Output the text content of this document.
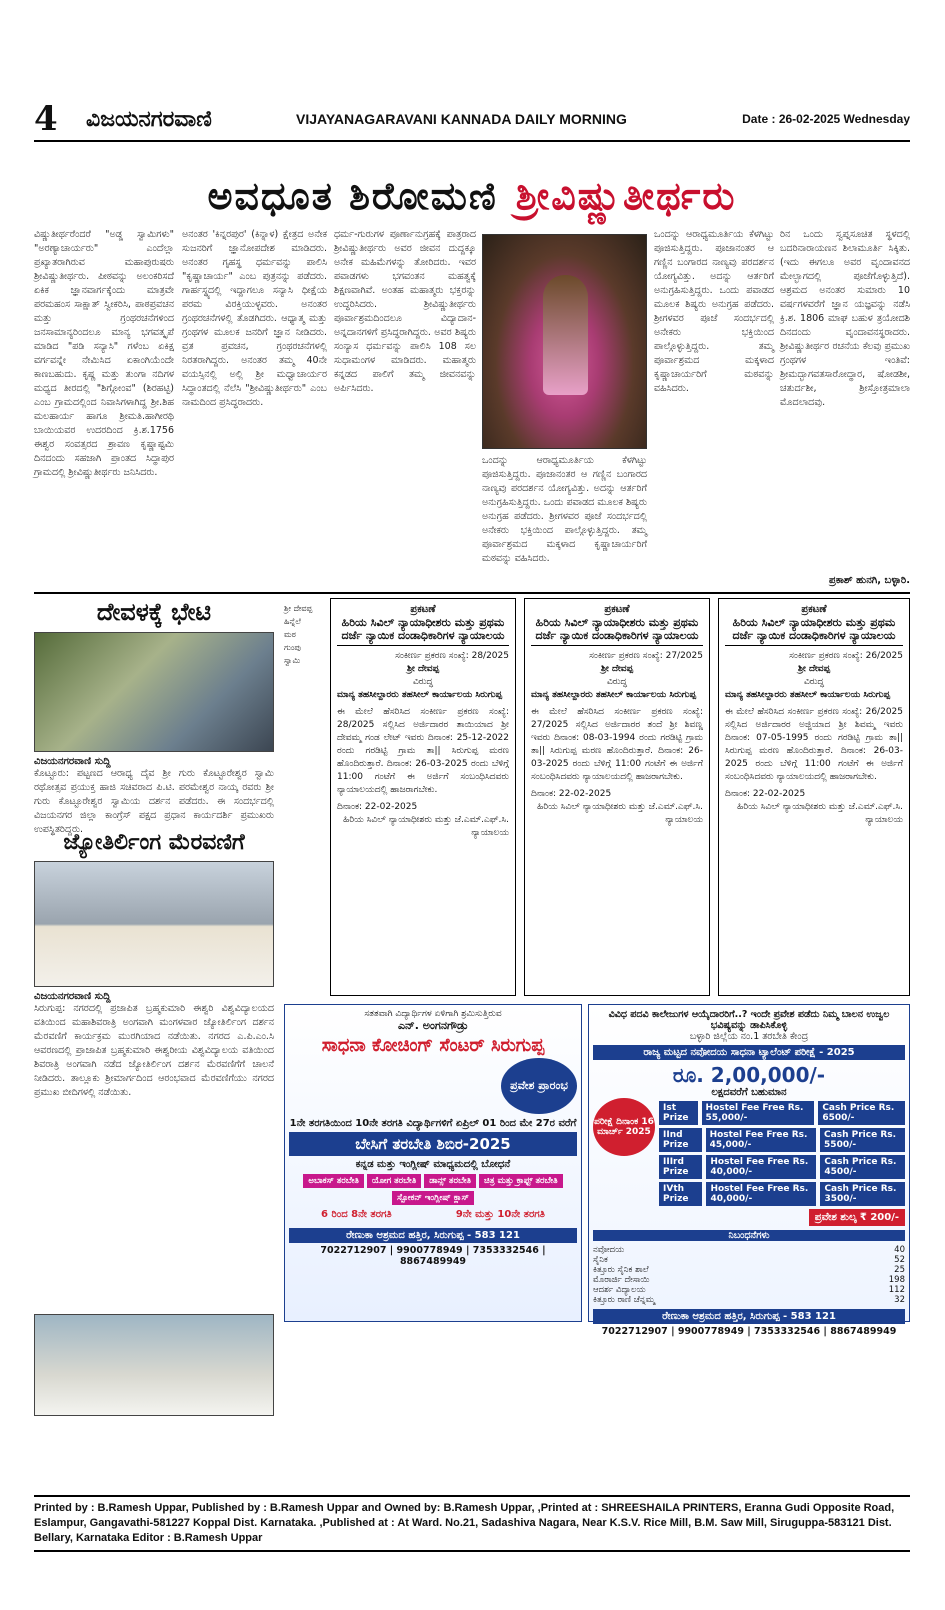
4	ವಿಜಯನಗರವಾಣಿ	VIJAYANAGARAVANI KANNADA DAILY MORNING	Date : 26-02-2025 Wednesday
ಅವಧೂತ ಶಿರೋಮಣಿ ಶ್ರೀವಿಷ್ಣುತೀರ್ಥರು
ವಿಷ್ಣುತೀರ್ಥರೆಂದರೆ "ಅಡ್ಡ ಸ್ವಾಮಿಗಳು" "ಅರಣ್ಯಾಚಾರ್ಯರು" ಎಂದೆಲ್ಲಾ ಪ್ರಖ್ಯಾತರಾಗಿರುವ ಮಹಾಪುರುಷರು ಶ್ರೀವಿಷ್ಣುತೀರ್ಥರು. ಪೀಠವನ್ನು ಅಲಂಕರಿಸದೆ ಏಕಿಕ ಜ್ಞಾನವಾರ್ಗಕ್ಕೆಂದು ಮಾತ್ರವೇ ಪರಮಹಂಸ ಸಾಕ್ಷಾತ್ ಸ್ವೀಕರಿಸಿ, ಪಾಠಪ್ರವಚನ ಮತ್ತು ಗ್ರಂಥರಚನೆಗಳಿಂದ ಜನಸಾಮಾನ್ಯರಿಂದಲೂ ಮಾನ್ಯ ಭಗವತ್ಕೃಪೆ ಮಾಡಿದ "ಪಡಿ ಸನ್ಯಾಸಿ" ಗಳೆಂಬ ಏಕಿಕ್ಷ ವರ್ಗವನ್ನೇ ನೇಮಿಸಿದ ಏಕಾಂಗಿಯೆಂದೇ ಕಾಣಬಹುದು. ಕೃಷ್ಣ ಮತ್ತು ತುಂಗಾ ನದಿಗಳ ಮಧ್ಯದ ತೀರದಲ್ಲಿ "ಶಿಗ್ಗೋಂವ" (ಶಿರಹಟ್ಟಿ) ಎಂಬ ಗ್ರಾಮದಲ್ಲಿಂದ ನಿವಾಸಿಗಳಾಗಿದ್ದ ಶ್ರೀ.ಶಿಹ ಮಲಹಾರ್ಯ ಹಾಗೂ ಶ್ರೀಮತಿ.ಹಾಗೀರಥಿ ಬಾಯಿಯವರ ಉದರದಿಂದ ಕ್ರಿ.ಶ.1756 ಈಶ್ವರ ಸಂವತ್ಸರದ ಶ್ರಾವಣ ಕೃಷ್ಣಾಷ್ಟಮಿ ದಿನದಂದು ಸಹಜಾಗಿ ಪ್ರಾಂತದ ಸಿದ್ಧಾಪುರ ಗ್ರಾಮದಲ್ಲಿ ಶ್ರೀವಿಷ್ಣುತೀರ್ಥರು ಜನಿಸಿದರು.
ಅನಂತರ 'ಕಿನ್ನರಪುರ' (ಕಿನ್ನಾಳ) ಕ್ಷೇತ್ರದ ಅನೇಕ ಸುಜನರಿಗೆ ಜ್ಞಾನೋಪದೇಶ ಮಾಡಿದರು. ಅನಂತರ ಗೃಹಸ್ಥ ಧರ್ಮವನ್ನು ಪಾಲಿಸಿ "ಕೃಷ್ಣಾಚಾರ್ಯ" ಎಂಬ ಪುತ್ರನನ್ನು ಪಡೆದರು. ಗಾರ್ಹಸ್ಥ್ಯದಲ್ಲಿ ಇದ್ದಾಗಲೂ ಸನ್ಯಾಸಿ ಧೀಕ್ಷೆಯ ಪರಮ ವಿರಕ್ತಿಯುಳ್ಳವರು. ಅನಂತರ ಗ್ರಂಥರಚನೆಗಳಲ್ಲಿ ತೊಡಗಿದರು. ಆಧ್ಯಾತ್ಮ ಮತ್ತು ಗ್ರಂಥಗಳ ಮೂಲಕ ಜನರಿಗೆ ಜ್ಞಾನ ನೀಡಿದರು. ವ್ರತ ಪ್ರವಚನ, ಗ್ರಂಥರಚನೆಗಳಲ್ಲಿ ನಿರತರಾಗಿದ್ದರು. ಅನಂತರ ತಮ್ಮ 40ನೇ ವಯಸ್ಸಿನಲ್ಲಿ ಅಲ್ಲಿ ಶ್ರೀ ಮಧ್ವಾಚಾರ್ಯರ ಸಿದ್ಧಾಂತದಲ್ಲಿ ನೆಲೆಸಿ "ಶ್ರೀವಿಷ್ಣುತೀರ್ಥರು" ಎಂಬ ನಾಮದಿಂದ ಪ್ರಸಿದ್ಧರಾದರು.
ಧರ್ಮ-ಗುರುಗಳ ಪೂರ್ಣಾನುಗ್ರಹಕ್ಕೆ ಪಾತ್ರರಾದ ಶ್ರೀವಿಷ್ಣುತೀರ್ಥರು ಅವರ ಜೀವನ ದುದ್ದಕ್ಕೂ ಅನೇಕ ಮಹಿಮೆಗಳನ್ನು ತೋರಿದರು. ಇವರ ಪವಾಡಗಳು ಭಗವಂತನ ಮಹತ್ವಕ್ಕೆ ಶಿಕ್ಷಣವಾಗಿವೆ. ಅಂತಹ ಮಹಾತ್ಮರು ಭಕ್ತರನ್ನು ಉದ್ಧರಿಸಿದರು. ಶ್ರೀವಿಷ್ಣುತೀರ್ಥರು ಪೂರ್ವಾಶ್ರಮದಿಂದಲೂ ವಿದ್ಯಾದಾನ-ಅನ್ನದಾನಗಳಿಗೆ ಪ್ರಸಿದ್ಧರಾಗಿದ್ದರು. ಅವರ ಶಿಷ್ಯರು ಸಂನ್ಯಾಸ ಧರ್ಮವನ್ನು ಪಾಲಿಸಿ 108 ಸಲ ಸುಧಾಮಂಗಳ ಮಾಡಿದರು. ಮಹಾತ್ಮರು ಕನ್ನಡದ ಪಾಲಿಗೆ ತಮ್ಮ ಜೀವನವನ್ನು ಅರ್ಪಿಸಿದರು.
ಒಂದನ್ನು ಆರಾಧ್ಯಮೂರ್ತಿಯ ಕೆಳಗಿಟ್ಟು ಪೂಜಿಸುತ್ತಿದ್ದರು. ಪೂಜಾನಂತರ ಆ ಗಣ್ಣಿನ ಬಂಗಾರದ ನಾಣ್ಯವು ಪರದರ್ಶನ ಯೋಗ್ಯವಿತ್ತು. ಅದನ್ನು ಆರ್ತರಿಗೆ ಅನುಗ್ರಹಿಸುತ್ತಿದ್ದರು. ಒಂದು ಪವಾಡದ ಮೂಲಕ ಶಿಷ್ಯರು ಅನುಗ್ರಹ ಪಡೆದರು. ಶ್ರೀಗಳವರ ಪೂಜೆ ಸಂದರ್ಭದಲ್ಲಿ ಅನೇಕರು ಭಕ್ತಿಯಿಂದ ಪಾಲ್ಗೊಳ್ಳುತ್ತಿದ್ದರು. ತಮ್ಮ ಪೂರ್ವಾಶ್ರಮದ ಮಕ್ಕಳಾದ ಕೃಷ್ಣಾಚಾರ್ಯರಿಗೆ ಮಠವನ್ನು ವಹಿಸಿದರು.
ಒಂದನ್ನು ಆರಾಧ್ಯಮೂರ್ತಿಯ ಕೆಳಗಿಟ್ಟು ಪೂಜಿಸುತ್ತಿದ್ದರು. ಪೂಜಾನಂತರ ಆ ಗಣ್ಣಿನ ಬಂಗಾರದ ನಾಣ್ಯವು ಪರದರ್ಶನ ಯೋಗ್ಯವಿತ್ತು. ಅದನ್ನು ಆರ್ತರಿಗೆ ಅನುಗ್ರಹಿಸುತ್ತಿದ್ದರು. ಒಂದು ಪವಾಡದ ಮೂಲಕ ಶಿಷ್ಯರು ಅನುಗ್ರಹ ಪಡೆದರು. ಶ್ರೀಗಳವರ ಪೂಜೆ ಸಂದರ್ಭದಲ್ಲಿ ಅನೇಕರು ಭಕ್ತಿಯಿಂದ ಪಾಲ್ಗೊಳ್ಳುತ್ತಿದ್ದರು. ತಮ್ಮ ಪೂರ್ವಾಶ್ರಮದ ಮಕ್ಕಳಾದ ಕೃಷ್ಣಾಚಾರ್ಯರಿಗೆ ಮಠವನ್ನು ವಹಿಸಿದರು.
ರಿನ ಒಂದು ಸ್ವಪ್ನಸೂಚಿತ ಸ್ಥಳದಲ್ಲಿ ಬದರಿನಾರಾಯಣನ ಶಿಲಾಮೂರ್ತಿ ಸಿಕ್ಕಿತು. (ಇದು ಈಗಲೂ ಅವರ ವೃಂದಾವನದ ಮೇಲ್ಭಾಗದಲ್ಲಿ ಪೂಜೆಗೊಳ್ಳುತ್ತಿದೆ). ಆಶ್ರಮದ ಅನಂತರ ಸುಮಾರು 10 ವರ್ಷಗಳವರೆಗೆ ಜ್ಞಾನ ಯಜ್ಞವನ್ನು ನಡೆಸಿ ಕ್ರಿ.ಶ. 1806 ಮಾಘ ಬಹುಳ ತ್ರಯೋದಶಿ ದಿನದಂದು ವೃಂದಾವನಸ್ಥರಾದರು. ಶ್ರೀವಿಷ್ಣುತೀರ್ಥರ ರಚನೆಯ ಕೆಲವು ಪ್ರಮುಖ ಗ್ರಂಥಗಳ ಇಂತಿವೆ: ಶ್ರೀಮದ್ಭಾಗವತಸಾರೋದ್ಧಾರ, ಷೋಡಶೀ, ಚತುರ್ದಶೀ, ಶ್ರೀಸ್ತೋತ್ರಮಾಲಾ ಮೊದಲಾದವು.
ಪ್ರಕಾಶ್ ಹುನಗಿ, ಬಳ್ಳಾರಿ.
ದೇವಳಕ್ಕೆ ಭೇಟಿ
ವಿಜಯನಗರವಾಣಿ ಸುದ್ದಿ
ಕೊಟ್ಟೂರು: ಪಟ್ಟಣದ ಆರಾಧ್ಯ ದೈವ ಶ್ರೀ ಗುರು ಕೊಟ್ಟೂರೇಶ್ವರ ಸ್ವಾಮಿ ರಥೋತ್ಸವ ಪ್ರಯುಕ್ತ ಹಾಜಿ ಸಚಿವರಾದ ಪಿ.ಟಿ. ಪರಮೇಶ್ವರ ನಾಯ್ಕ ರವರು ಶ್ರೀ ಗುರು ಕೊಟ್ಟೂರೇಶ್ವರ ಸ್ವಾಮಿಯ ದರ್ಶನ ಪಡೆದರು. ಈ ಸಂದರ್ಭದಲ್ಲಿ ವಿಜಯನಗರ ಜಿಲ್ಲಾ ಕಾಂಗ್ರೆಸ್ ಪಕ್ಷದ ಪ್ರಧಾನ ಕಾರ್ಯದರ್ಶಿ ಪ್ರಮುಖರು ಉಪಸ್ಥಿತರಿದ್ದರು.
ಜ್ಯೋತಿರ್ಲಿಂಗ ಮೆರವಣಿಗೆ
ವಿಜಯನಗರವಾಣಿ ಸುದ್ದಿ
ಸಿರುಗುಪ್ಪ: ನಗರದಲ್ಲಿ ಪ್ರಜಾಪಿತ ಬ್ರಹ್ಮಕುಮಾರಿ ಈಶ್ವರಿ ವಿಶ್ವವಿದ್ಯಾಲಯದ ವತಿಯಿಂದ ಮಹಾಶಿವರಾತ್ರಿ ಅಂಗವಾಗಿ ಮಂಗಳವಾರ ಜ್ಯೋತಿರ್ಲಿಂಗ ದರ್ಶನ ಮೆರವಣಿಗೆ ಕಾರ್ಯಕ್ರಮ ಮುರಗಿಯಾದ ನಡೆಯಿತು. ನಗರದ ಎ.ಪಿ.ಎಂ.ಸಿ ಆವರಣದಲ್ಲಿ ಪ್ರಾಜಾಪಿತ ಬ್ರಹ್ಮಕುಮಾರಿ ಈಶ್ವರೀಯ ವಿಶ್ವವಿದ್ಯಾಲಯ ವತಿಯಿಂದ ಶಿವರಾತ್ರಿ ಅಂಗವಾಗಿ ನಡೆದ ಜ್ಯೋತಿರ್ಲಿಂಗ ದರ್ಶನ ಮೆರವಣಿಗೆಗೆ ಚಾಲನೆ ನೀಡಿದರು. ತಾಲ್ಲೂಕು ಶ್ರೀಮಾರ್ಗದಿಂದ ಆರಂಭವಾದ ಮೆರವಣಿಗೆಯು ನಗರದ ಪ್ರಮುಖ ಬೀದಿಗಳಲ್ಲಿ ನಡೆಯಿತು.
ಶ್ರೀ ದೇವಪ್ಪ
ಹಿನ್ನೆಲೆ
ಮಠ
ಗುಂಪು
ಸ್ವಾಮಿ
ಪ್ರಕಟಣೆ
ಹಿರಿಯ ಸಿವಿಲ್ ನ್ಯಾಯಾಧೀಶರು ಮತ್ತು ಪ್ರಥಮ ದರ್ಜೆ ನ್ಯಾಯಿಕ ದಂಡಾಧಿಕಾರಿಗಳ ನ್ಯಾಯಾಲಯ
ಸಂಕೀರ್ಣ ಪ್ರಕರಣ ಸಂಖ್ಯೆ: 28/2025
ಶ್ರೀ ದೇವಪ್ಪ
ವಿರುದ್ಧ
ಮಾನ್ಯ ತಹಸೀಲ್ದಾರರು ತಹಸೀಲ್ ಕಾರ್ಯಾಲಯ ಸಿರುಗುಪ್ಪ
ಈ ಮೇಲೆ ಹೆಸರಿಸಿದ ಸಂಕೀರ್ಣ ಪ್ರಕರಣ ಸಂಖ್ಯೆ: 28/2025 ಸಲ್ಲಿಸಿದ ಅರ್ಜಿದಾರರ ತಾಯಿಯಾದ ಶ್ರೀ ದೇವಮ್ಮ ಗಂಡ ಲೇಟ್ ಇವರು ದಿನಾಂಕ: 25-12-2022 ರಂದು ಗರಡಿಟ್ಟಿ ಗ್ರಾಮ ತಾ|| ಸಿರುಗುಪ್ಪ ಮರಣ ಹೊಂದಿರುತ್ತಾರೆ. ದಿನಾಂಕ: 26-03-2025 ರಂದು ಬೆಳಿಗ್ಗೆ 11:00 ಗಂಟೆಗೆ ಈ ಅರ್ಜಿಗೆ ಸಂಬಂಧಿಸಿದವರು ನ್ಯಾಯಾಲಯದಲ್ಲಿ ಹಾಜರಾಗಬೇಕು.
ದಿನಾಂಕ: 22-02-2025
ಹಿರಿಯ ಸಿವಿಲ್ ನ್ಯಾಯಾಧೀಶರು ಮತ್ತು ಜೆ.ಎಮ್.ಎಫ್.ಸಿ. ನ್ಯಾಯಾಲಯ
ಪ್ರಕಟಣೆ
ಹಿರಿಯ ಸಿವಿಲ್ ನ್ಯಾಯಾಧೀಶರು ಮತ್ತು ಪ್ರಥಮ ದರ್ಜೆ ನ್ಯಾಯಿಕ ದಂಡಾಧಿಕಾರಿಗಳ ನ್ಯಾಯಾಲಯ
ಸಂಕೀರ್ಣ ಪ್ರಕರಣ ಸಂಖ್ಯೆ: 27/2025
ಶ್ರೀ ದೇವಪ್ಪ
ವಿರುದ್ಧ
ಮಾನ್ಯ ತಹಸೀಲ್ದಾರರು ತಹಸೀಲ್ ಕಾರ್ಯಾಲಯ ಸಿರುಗುಪ್ಪ
ಈ ಮೇಲೆ ಹೆಸರಿಸಿದ ಸಂಕೀರ್ಣ ಪ್ರಕರಣ ಸಂಖ್ಯೆ: 27/2025 ಸಲ್ಲಿಸಿದ ಅರ್ಜಿದಾರರ ತಂದೆ ಶ್ರೀ ಶಿವಣ್ಣ ಇವರು ದಿನಾಂಕ: 08-03-1994 ರಂದು ಗರಡಿಟ್ಟಿ ಗ್ರಾಮ ತಾ|| ಸಿರುಗುಪ್ಪ ಮರಣ ಹೊಂದಿರುತ್ತಾರೆ. ದಿನಾಂಕ: 26-03-2025 ರಂದು ಬೆಳಿಗ್ಗೆ 11:00 ಗಂಟೆಗೆ ಈ ಅರ್ಜಿಗೆ ಸಂಬಂಧಿಸಿದವರು ನ್ಯಾಯಾಲಯದಲ್ಲಿ ಹಾಜರಾಗಬೇಕು.
ದಿನಾಂಕ: 22-02-2025
ಹಿರಿಯ ಸಿವಿಲ್ ನ್ಯಾಯಾಧೀಶರು ಮತ್ತು ಜೆ.ಎಮ್.ಎಫ್.ಸಿ. ನ್ಯಾಯಾಲಯ
ಪ್ರಕಟಣೆ
ಹಿರಿಯ ಸಿವಿಲ್ ನ್ಯಾಯಾಧೀಶರು ಮತ್ತು ಪ್ರಥಮ ದರ್ಜೆ ನ್ಯಾಯಿಕ ದಂಡಾಧಿಕಾರಿಗಳ ನ್ಯಾಯಾಲಯ
ಸಂಕೀರ್ಣ ಪ್ರಕರಣ ಸಂಖ್ಯೆ: 26/2025
ಶ್ರೀ ದೇವಪ್ಪ
ವಿರುದ್ಧ
ಮಾನ್ಯ ತಹಸೀಲ್ದಾರರು ತಹಸೀಲ್ ಕಾರ್ಯಾಲಯ ಸಿರುಗುಪ್ಪ
ಈ ಮೇಲೆ ಹೆಸರಿಸಿದ ಸಂಕೀರ್ಣ ಪ್ರಕರಣ ಸಂಖ್ಯೆ: 26/2025 ಸಲ್ಲಿಸಿದ ಅರ್ಜಿದಾರರ ಅಜ್ಜಿಯಾದ ಶ್ರೀ ಶಿವಮ್ಮ ಇವರು ದಿನಾಂಕ: 07-05-1995 ರಂದು ಗರಡಿಟ್ಟಿ ಗ್ರಾಮ ತಾ|| ಸಿರುಗುಪ್ಪ ಮರಣ ಹೊಂದಿರುತ್ತಾರೆ. ದಿನಾಂಕ: 26-03-2025 ರಂದು ಬೆಳಿಗ್ಗೆ 11:00 ಗಂಟೆಗೆ ಈ ಅರ್ಜಿಗೆ ಸಂಬಂಧಿಸಿದವರು ನ್ಯಾಯಾಲಯದಲ್ಲಿ ಹಾಜರಾಗಬೇಕು.
ದಿನಾಂಕ: 22-02-2025
ಹಿರಿಯ ಸಿವಿಲ್ ನ್ಯಾಯಾಧೀಶರು ಮತ್ತು ಜೆ.ಎಮ್.ಎಫ್.ಸಿ. ನ್ಯಾಯಾಲಯ
ಸತತವಾಗಿ ವಿದ್ಯಾರ್ಥಿಗಳ ಏಳಿಗಾಗಿ ಶ್ರಮಿಸುತ್ತಿರುವ
ಎನ್. ಅಂಗನಗೌಡ್ರು
ಸಾಧನಾ ಕೋಚಿಂಗ್ ಸೆಂಟರ್ ಸಿರುಗುಪ್ಪ
ಪ್ರವೇಶ ಪ್ರಾರಂಭ
1ನೇ ತರಗತಿಯಿಂದ 10ನೇ ತರಗತಿ ವಿದ್ಯಾರ್ಥಿಗಳಿಗೆ ಏಪ್ರಿಲ್ 01 ರಿಂದ ಮೇ 27ರ ವರೆಗೆ
ಬೇಸಿಗೆ ತರಬೇತಿ ಶಿಬಿರ-2025
ಕನ್ನಡ ಮತ್ತು ಇಂಗ್ಲೀಷ್ ಮಾಧ್ಯಮದಲ್ಲಿ ಬೋಧನೆ
ಅಬಾಕಸ್ ತರಬೇತಿ	ಯೋಗ ತರಬೇತಿ	ಡಾನ್ಸ್ ತರಬೇತಿ	ಚಿತ್ರ ಮತ್ತು ಕ್ರಾಫ್ಟ್ ತರಬೇತಿ
ಸ್ಪೋಕನ್ ಇಂಗ್ಲೀಷ್ ಕ್ಲಾಸ್
6 ರಿಂದ 8ನೇ ತರಗತಿ	9ನೇ ಮತ್ತು 10ನೇ ತರಗತಿ
ರೇಣುಕಾ ಆಶ್ರಮದ ಹತ್ತಿರ, ಸಿರುಗುಪ್ಪ - 583 121
7022712907 | 9900778949 | 7353332546 | 8867489949
ವಿವಿಧ ಪದವಿ ಕಾಲೇಜುಗಳ ಆಯ್ಕೆದಾರರಿಗೆ..? ಇಂದೇ ಪ್ರವೇಶ ಪಡೆದು ನಿಮ್ಮ ಬಾಲನ ಉಜ್ವಲ ಭವಿಷ್ಯವನ್ನು ಡಾಪಿಸಿಕೊಳ್ಳಿ
ಬಳ್ಳಾರಿ ಜಿಲ್ಲೆಯ ನಂ.1 ತರಬೇತಿ ಕೇಂದ್ರ
ರಾಜ್ಯ ಮಟ್ಟದ ನವೋದಯ ಸಾಧನಾ ಟ್ಯಾಲೆಂಟ್ ಪರೀಕ್ಷೆ - 2025
ರೂ. 2,00,000/-
ಲಕ್ಷದವರೆಗೆ ಬಹುಮಾನ
ಪರೀಕ್ಷೆ ದಿನಾಂಕ 16 ಮಾರ್ಚ್ 2025
Ist Prize
Hostel Fee Free Rs. 55,000/-
Cash Price Rs. 6500/-
IInd Prize
Hostel Fee Free Rs. 45,000/-
Cash Price Rs. 5500/-
IIIrd Prize
Hostel Fee Free Rs. 40,000/-
Cash Price Rs. 4500/-
IVth Prize
Hostel Fee Free Rs. 40,000/-
Cash Price Rs. 3500/-
ಪ್ರವೇಶ ಶುಲ್ಕ ₹ 200/-
ನಿಬಂಧನೆಗಳು
ನವೋದಯ	40
ಸೈನಿಕ	52
ಕಿತ್ತೂರು ಸೈನಿಕ ಶಾಲೆ	25
ಮೊರಾರ್ಜಿ ದೇಸಾಯಿ	198
ಆದರ್ಶ ವಿದ್ಯಾಲಯ	112
ಕಿತ್ತೂರು ರಾಣಿ ಚೆನ್ನಮ್ಮ	32
ರೇಣುಕಾ ಆಶ್ರಮದ ಹತ್ತಿರ, ಸಿರುಗುಪ್ಪ - 583 121
7022712907 | 9900778949 | 7353332546 | 8867489949
Printed by : B.Ramesh Uppar, Published by : B.Ramesh Uppar and Owned by: B.Ramesh Uppar, ,Printed at : SHREESHAILA PRINTERS, Eranna Gudi Opposite Road,
Eslampur, Gangavathi-581227 Koppal Dist. Karnataka. ,Published at : At Ward. No.21, Sadashiva Nagara, Near K.S.V. Rice Mill, B.M. Saw Mill, Siruguppa-583121 Dist.
Bellary, Karnataka Editor : B.Ramesh Uppar
